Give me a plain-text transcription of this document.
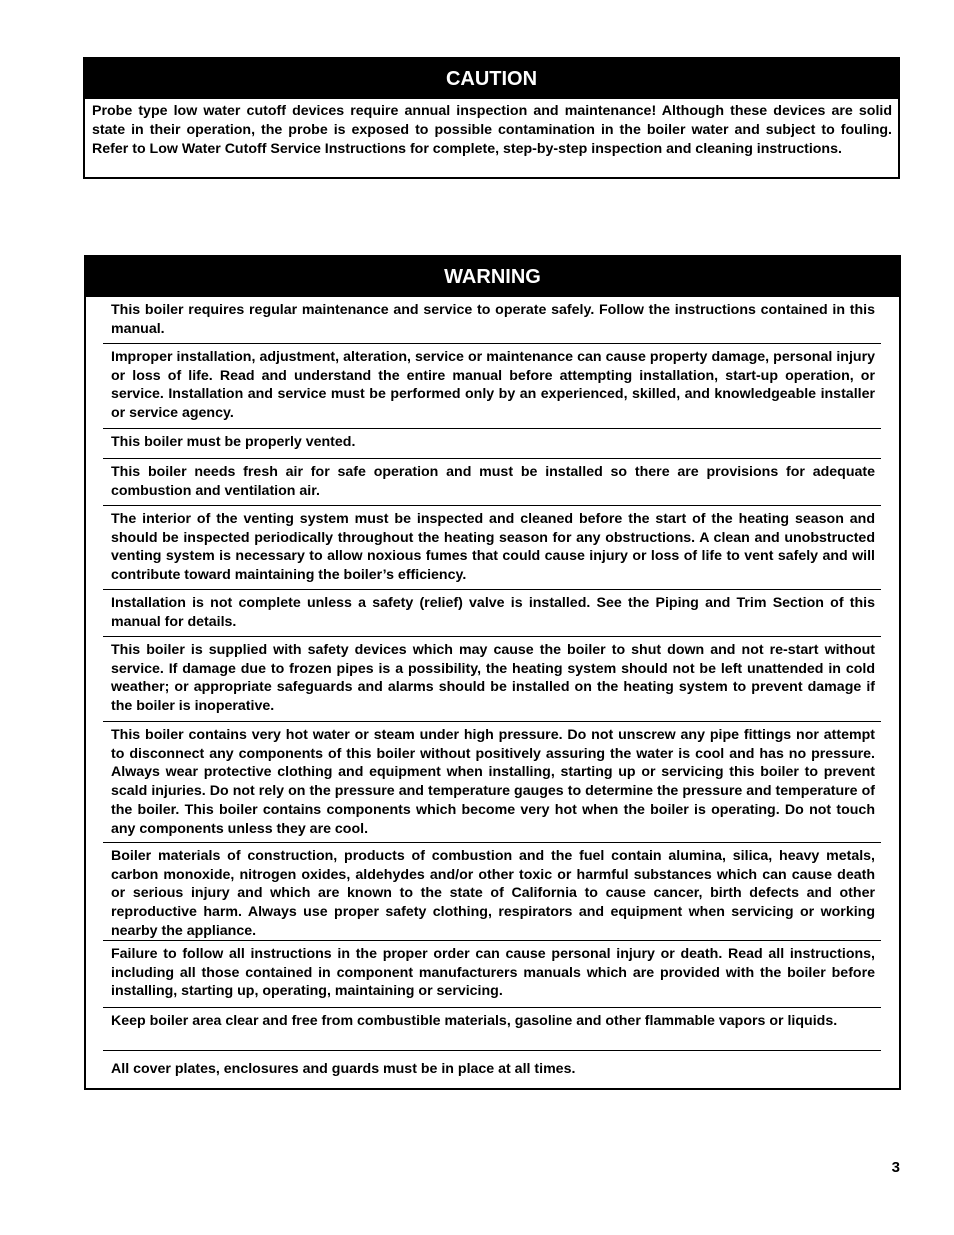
CAUTION
Probe type low water cutoff devices require annual inspection and maintenance! Although these devices are solid state in their operation, the probe is exposed to possible contamination in the boiler water and subject to fouling. Refer to Low Water Cutoff Service Instructions for complete, step-by-step inspection and cleaning instructions.
WARNING
This boiler requires regular maintenance and service to operate safely. Follow the instructions contained in this manual.
Improper installation, adjustment, alteration, service or maintenance can cause property damage, personal injury or loss of life. Read and understand the entire manual before attempting installation, start-up operation, or service. Installation and service must be performed only by an experienced, skilled, and knowledgeable installer or service agency.
This boiler must be properly vented.
This boiler needs fresh air for safe operation and must be installed so there are provisions for adequate combustion and ventilation air.
The interior of the venting system must be inspected and cleaned before the start of the heating season and should be inspected periodically throughout the heating season for any obstructions. A clean and unobstructed venting system is necessary to allow noxious fumes that could cause injury or loss of life to vent safely and will contribute toward maintaining the boiler’s efficiency.
Installation is not complete unless a safety (relief) valve is installed. See the Piping and Trim Section of this manual for details.
This boiler is supplied with safety devices which may cause the boiler to shut down and not re-start without service. If damage due to frozen pipes is a possibility, the heating system should not be left unattended in cold weather; or appropriate safeguards and alarms should be installed on the heating system to prevent damage if the boiler is inoperative.
This boiler contains very hot water or steam under high pressure. Do not unscrew any pipe fittings nor attempt to disconnect any components of this boiler without positively assuring the water is cool and has no pressure. Always wear protective clothing and equipment when installing, starting up or servicing this boiler to prevent scald injuries. Do not rely on the pressure and temperature gauges to determine the pressure and temperature of the boiler. This boiler contains components which become very hot when the boiler is operating. Do not touch any components unless they are cool.
Boiler materials of construction, products of combustion and the fuel contain alumina, silica, heavy metals, carbon monoxide, nitrogen oxides, aldehydes and/or other toxic or harmful substances which can cause death or serious injury and which are known to the state of California to cause cancer, birth defects and other reproductive harm. Always use proper safety clothing, respirators and equipment when servicing or working nearby the appliance.
Failure to follow all instructions in the proper order can cause personal injury or death. Read all instructions, including all those contained in component manufacturers manuals which are provided with the boiler before installing, starting up, operating, maintaining or servicing.
Keep boiler area clear and free from combustible materials, gasoline and other flammable vapors or liquids.
All cover plates, enclosures and guards must be in place at all times.
3
